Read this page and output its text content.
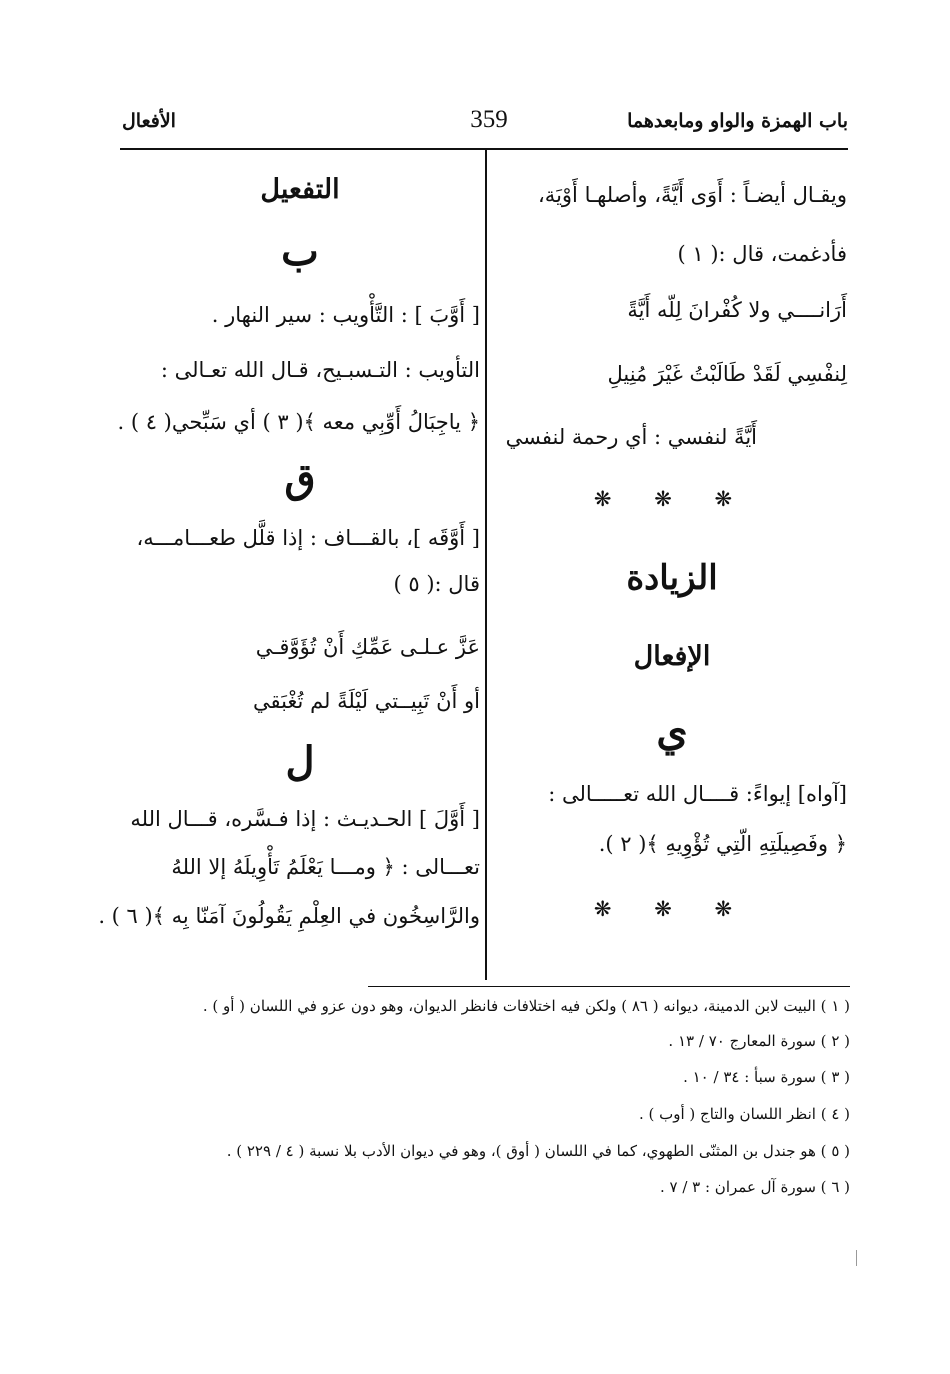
باب الهمزة والواو ومابعدهما
359
الأفعال
ويقـال أيضـاً : أَوَى أَيَّةً، وأصلهـا أَوْيَة،
فأدغمت، قال :( ١ )
أَرَانــــي ولا كُفْرانَ لِلّه أَيَّةً
لِنفْسِي لَقَدْ طَالَبْتُ غَيْرَ مُنِيلِ
أَيَّةً لنفسي : أي رحمة لنفسي
❋ ❋ ❋
الزيادة
الإفعال
ي
[آواه] إيواءً: قــــال الله تعـــــالى :
﴿ وفَصِيلَتِهِ الّتِي تُؤْوِيهِ ﴾( ٢ ).
❋ ❋ ❋
التفعيل
ب
[ أَوَّبَ ] : التَّأْويب : سير النهار .
التأويب : التـسبـيح، قـال الله تعـالى :
﴿ ياجِبَالُ أَوِّبِي معه ﴾( ٣ ) أي سَبِّحي( ٤ ) .
ق
[ أَوَّقَه ]، بالقـــاف : إذا قلَّل طعـــامـــه،
قال :( ٥ )
عَزَّ عـلـى عَمِّكِ أَنْ تُؤَوَّقـي
أو أَنْ تَبِيــتي لَيْلَةً لم تُغْبَقي
ل
[ أَوَّلَ ] الحـديـث : إذا فـسَّره، قـــال الله
تعـــالى : ﴿ ومـــا يَعْلَمُ تَأْوِيلَهُ إلا اللهُ
والرَّاسِخُون في العِلْمِ يَقُولُونَ آمَنّا بِه ﴾( ٦ ) .
( ١ ) البيت لابن الدمينة، ديوانه ( ٨٦ ) ولكن فيه اختلافات فانظر الديوان، وهو دون عزو في اللسان ( أو ) .
( ٢ ) سورة المعارج ٧٠ / ١٣ .
( ٣ ) سورة سبأ : ٣٤ / ١٠ .
( ٤ ) انظر اللسان والتاج ( أوب ) .
( ٥ ) هو جندل بن المثنّى الطهوي، كما في اللسان ( أوق )، وهو في ديوان الأدب بلا نسبة ( ٤ / ٢٢٩ ) .
( ٦ ) سورة آل عمران : ٣ / ٧ .
